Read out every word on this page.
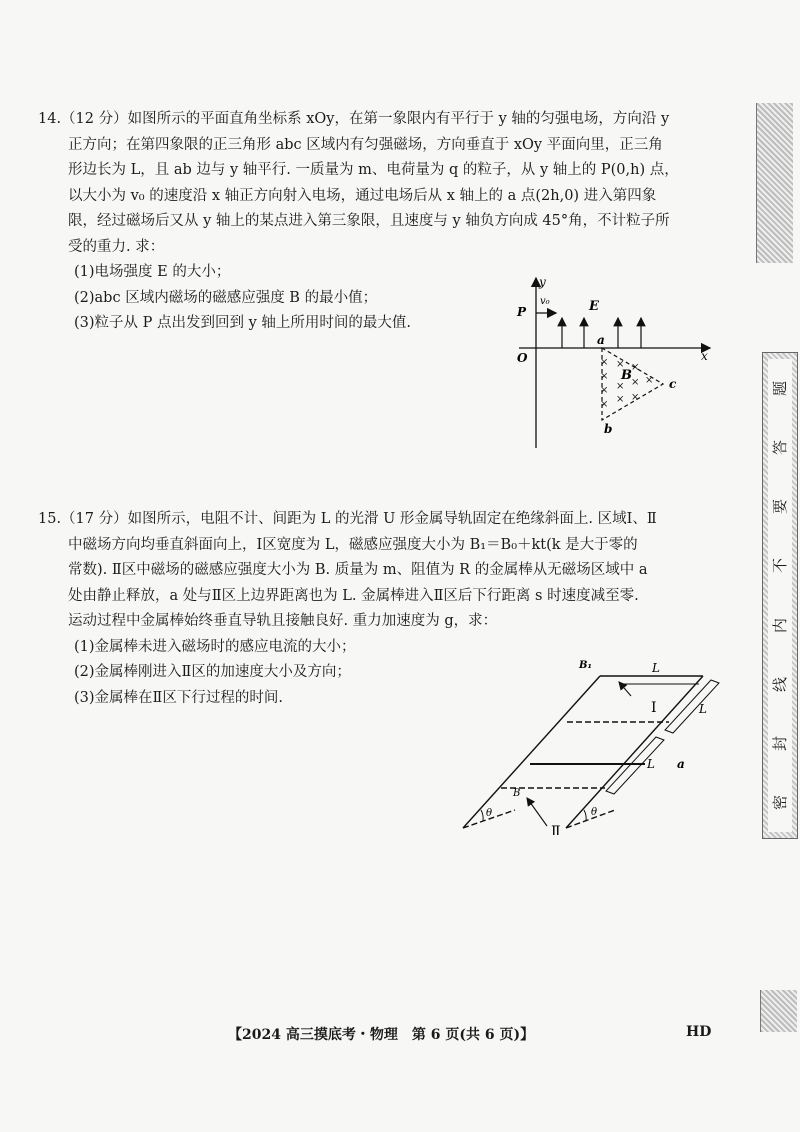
题
答
要
不
内
线
封
密

14.（12 分）如图所示的平面直角坐标系 xOy，在第一象限内有平行于 y 轴的匀强电场，方向沿 y

正方向；在第四象限的正三角形 abc 区域内有匀强磁场，方向垂直于 xOy 平面向里，正三角

形边长为 L，且 ab 边与 y 轴平行. 一质量为 m、电荷量为 q 的粒子，从 y 轴上的 P(0,h) 点，

以大小为 v₀ 的速度沿 x 轴正方向射入电场，通过电场后从 x 轴上的 a 点(2h,0) 进入第四象

限，经过磁场后又从 y 轴上的某点进入第三象限，且速度与 y 轴负方向成 45°角，不计粒子所

受的重力. 求：

(1)电场强度 E 的大小；

(2)abc 区域内磁场的磁感应强度 B 的最小值；

(3)粒子从 P 点出发到回到 y 轴上所用时间的最大值.

y
x
O
P
v₀	E
×
×
×
×
×
×
×
×
×
×
×
B
a
b
c

15.（17 分）如图所示，电阻不计、间距为 L 的光滑 U 形金属导轨固定在绝缘斜面上. 区域Ⅰ、Ⅱ

中磁场方向均垂直斜面向上，Ⅰ区宽度为 L，磁感应强度大小为 B₁＝B₀＋kt(k 是大于零的

常数). Ⅱ区中磁场的磁感应强度大小为 B. 质量为 m、阻值为 R 的金属棒从无磁场区域中 a

处由静止释放，a 处与Ⅱ区上边界距离也为 L. 金属棒进入Ⅱ区后下行距离 s 时速度减至零.

运动过程中金属棒始终垂直导轨且接触良好. 重力加速度为 g，求：

(1)金属棒未进入磁场时的感应电流的大小；

(2)金属棒刚进入Ⅱ区的加速度大小及方向；

(3)金属棒在Ⅱ区下行过程的时间.

L
L
L
B₁
Ⅰ
a
B
Ⅱ
θ	θ
【2024 高三摸底考・物理　第 6 页(共 6 页)】	HD
